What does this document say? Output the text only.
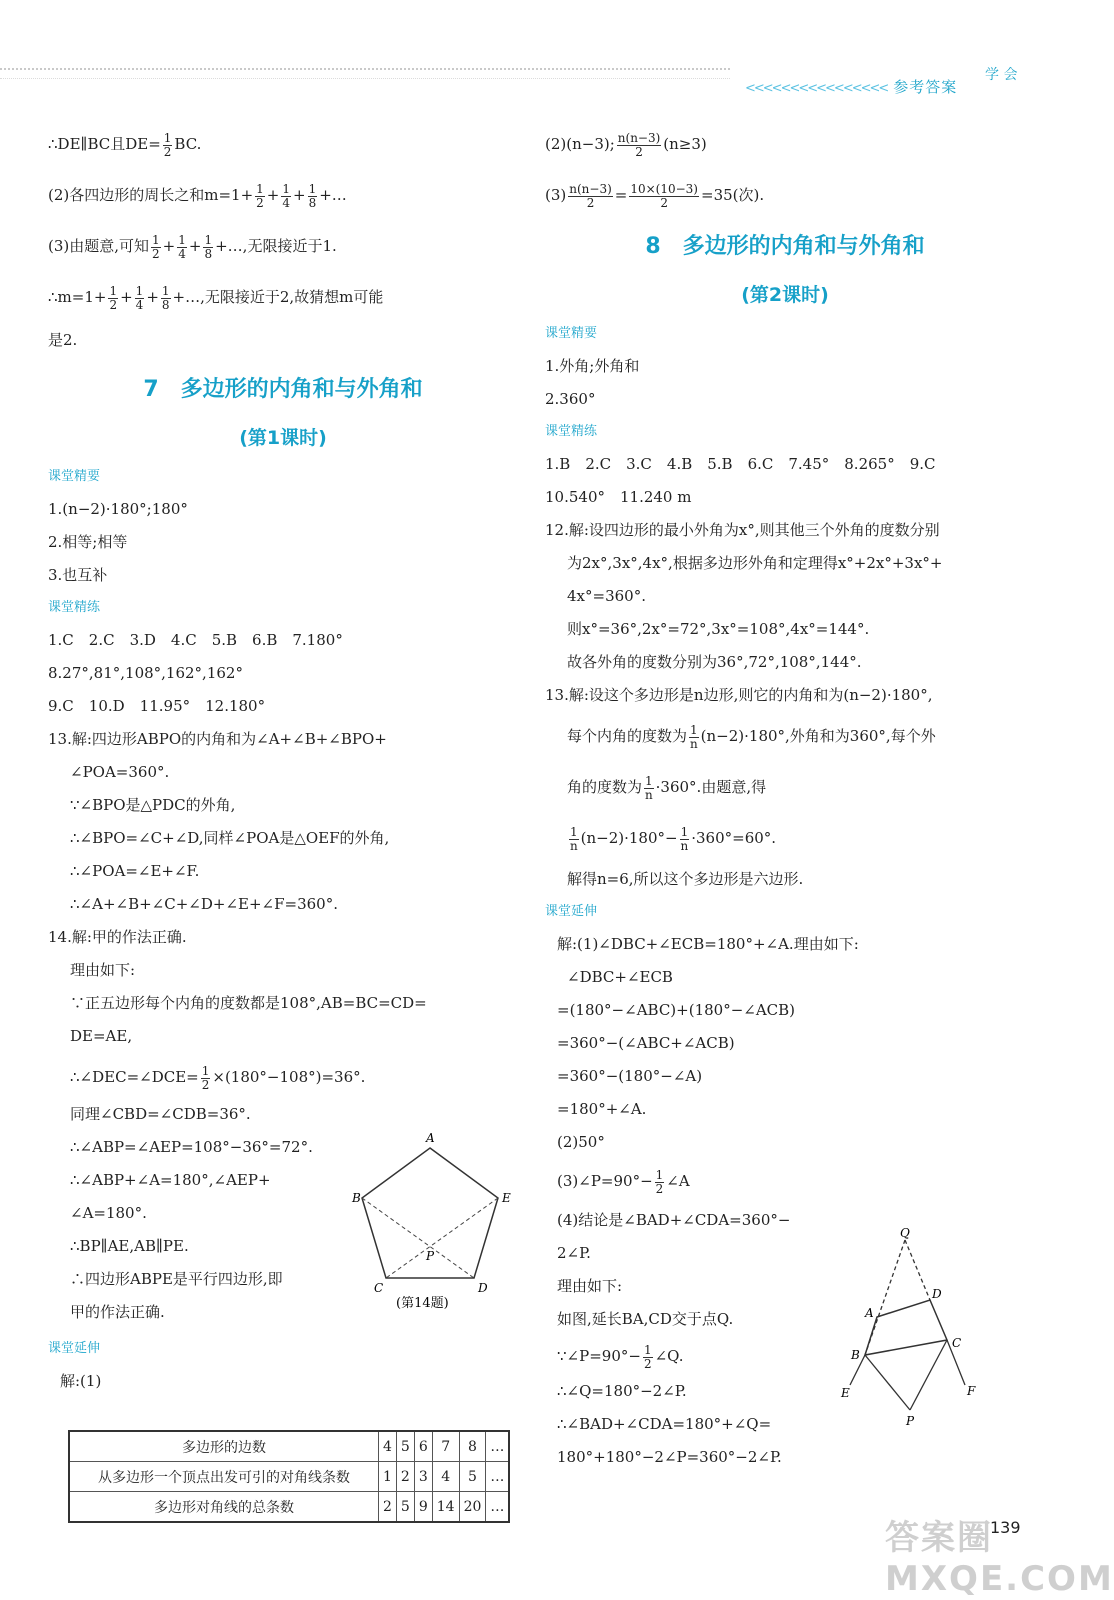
<<<<<<<<<<<<<<<< 参考答案
学 会
∴DE∥BC且$DE= \frac{1}{2}$ BC.
(2)各四边形的周长之和$m=1+ \frac{1}{2} + \frac{1}{4} + \frac{1}{8}$ +…
(3)由题意,可知 $\frac{1}{2} + \frac{1}{4} + \frac{1}{8}$ +…,无限接近于1.
∴m=1+ $\frac{1}{2} + \frac{1}{4} + \frac{1}{8}$ +…,无限接近于2,故猜想m可能
是2.
7　多边形的内角和与外角和
(第1课时)
课堂精要
1.(n−2)·180°;180°
2.相等;相等
3.也互补
课堂精练
1.C　2.C　3.D　4.C　5.B　6.B　7.180°
8.27°,81°,108°,162°,162°
9.C　10.D　11.95°　12.180°
13.解:四边形ABPO的内角和为∠A+∠B+∠BPO+
∠POA=360°.
∵∠BPO是△PDC的外角,
∴∠BPO=∠C+∠D,同样∠POA是△OEF的外角,
∴∠POA=∠E+∠F.
∴∠A+∠B+∠C+∠D+∠E+∠F=360°.
14.解:甲的作法正确.
理由如下:
∵正五边形每个内角的度数都是108°,AB=BC=CD=
DE=AE,
∴∠DEC=∠DCE= $\frac{1}{2} \times(180^\circ-108^\circ)=36^\circ$.
同理∠CBD=∠CDB=36°.
∴∠ABP=∠AEP=108°−36°=72°.
∴∠ABP+∠A=180°,∠AEP+
∠A=180°.
∴BP∥AE,AB∥PE.
∴四边形ABPE是平行四边形,即
甲的作法正确.
课堂延伸
解:(1)
A
B
C	D
E
P
(第14题)
多边形的边数	4	5	6	7	8	…
从多边形一个顶点出发可引的对角线条数	1	2	3	4	5	…
多边形对角线的总条数	2	5	9	14	20	…
(2)(n−3); $\frac{n(n-3)}{2} (n\ge 3)$
$(3) \frac{n(n-3)}{2} = \frac{10\times(10-3)}{2} =35$(次).
8　多边形的内角和与外角和
(第2课时)
课堂精要
1.外角;外角和
2.360°
课堂精练
1.B　2.C　3.C　4.B　5.B　6.C　7.45°　8.265°　9.C
10.540°　11.240 m
12.解:设四边形的最小外角为x°,则其他三个外角的度数分别
为2x°,3x°,4x°,根据多边形外角和定理得x°+2x°+3x°+
4x°=360°.
则x°=36°,2x°=72°,3x°=108°,4x°=144°.
故各外角的度数分别为36°,72°,108°,144°.
13.解:设这个多边形是n边形,则它的内角和为(n−2)·180°,
每个内角的度数为 $\frac{1}{n} (n-2)\cdot 180^\circ$,外角和为360°,每个外
角的度数为 $\frac{1}{n} \cdot 360^\circ$.由题意,得
$\frac{1}{n} (n-2)\cdot 180^\circ- \frac{1}{n} \cdot 360^\circ=60^\circ$.
解得n=6,所以这个多边形是六边形.
课堂延伸
解:(1)∠DBC+∠ECB=180°+∠A.理由如下:
∠DBC+∠ECB
=(180°−∠ABC)+(180°−∠ACB)
=360°−(∠ABC+∠ACB)
=360°−(180°−∠A)
=180°+∠A.
(2)50°
(3)∠P=90°− $\frac{1}{2}$ ∠A
(4)结论是∠BAD+∠CDA=360°−
2∠P.
理由如下:
如图,延长BA,CD交于点Q.
∵∠P=90°− $\frac{1}{2}$ ∠Q.
∴∠Q=180°−2∠P.
∴∠BAD+∠CDA=180°+∠Q=
180°+180°−2∠P=360°−2∠P.
Q
A
D
B
C
E	F
P
答案圈 MXQE.COM
139
